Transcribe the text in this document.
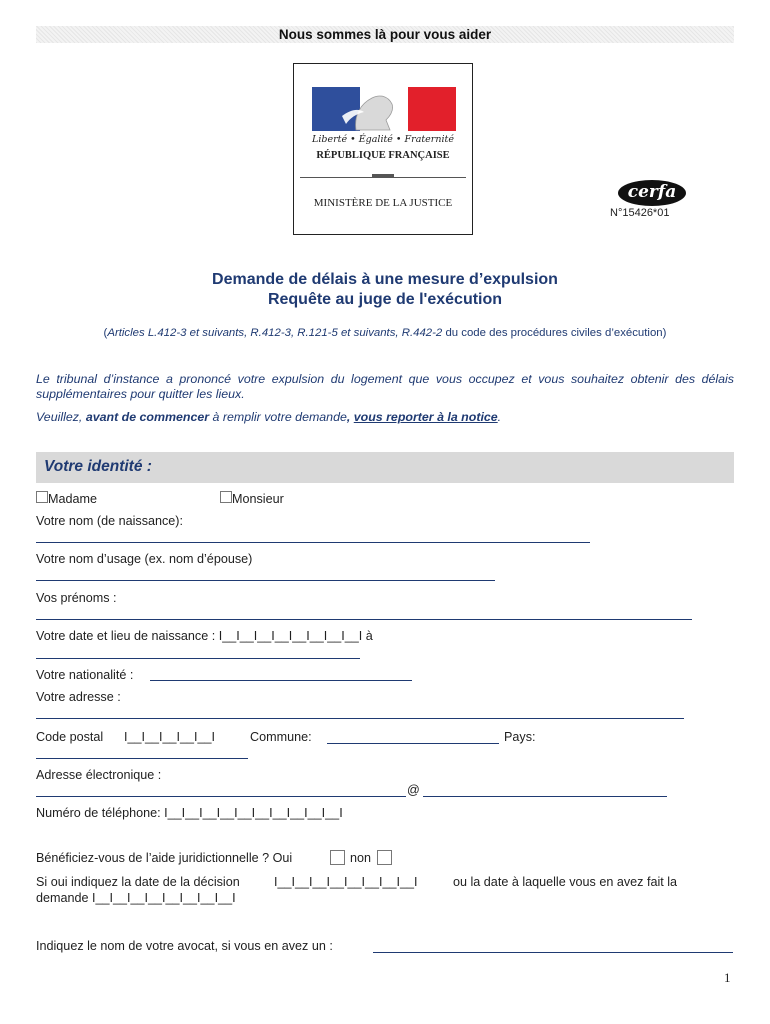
Nous sommes là pour vous aider
Liberté • Égalité • Fraternité
RÉPUBLIQUE FRANÇAISE
MINISTÈRE DE LA JUSTICE
cerfa
N°15426*01
Demande de délais à une mesure d’expulsion
Requête au juge de l'exécution
(Articles L.412-3 et suivants, R.412-3, R.121-5 et suivants, R.442-2 du code des procédures civiles d’exécution)
Le tribunal d’instance a prononcé votre expulsion du logement que vous occupez et vous souhaitez obtenir des délais supplémentaires pour quitter les lieux.
Veuillez, avant de commencer à remplir votre demande, vous reporter à la notice.
Votre identité :
Madame	Monsieur
Votre nom (de naissance):
Votre nom d’usage (ex. nom d’épouse)
Vos prénoms :
Votre date et lieu de naissance : I__I__I__I__I__I__I__I__I à
Votre nationalité :
Votre adresse :
Code postal I__I__I__I__I__I	Commune:	Pays:
Adresse électronique :
@
Numéro de téléphone: I__I__I__I__I__I__I__I__I__I__I
Bénéficiez-vous de l’aide juridictionnelle ? Oui	non
Si oui indiquez la date de la décision	I__I__I__I__I__I__I__I__I	ou la date à laquelle vous en avez fait la
demande I__I__I__I__I__I__I__I__I
Indiquez le nom de votre avocat, si vous en avez un :
1
